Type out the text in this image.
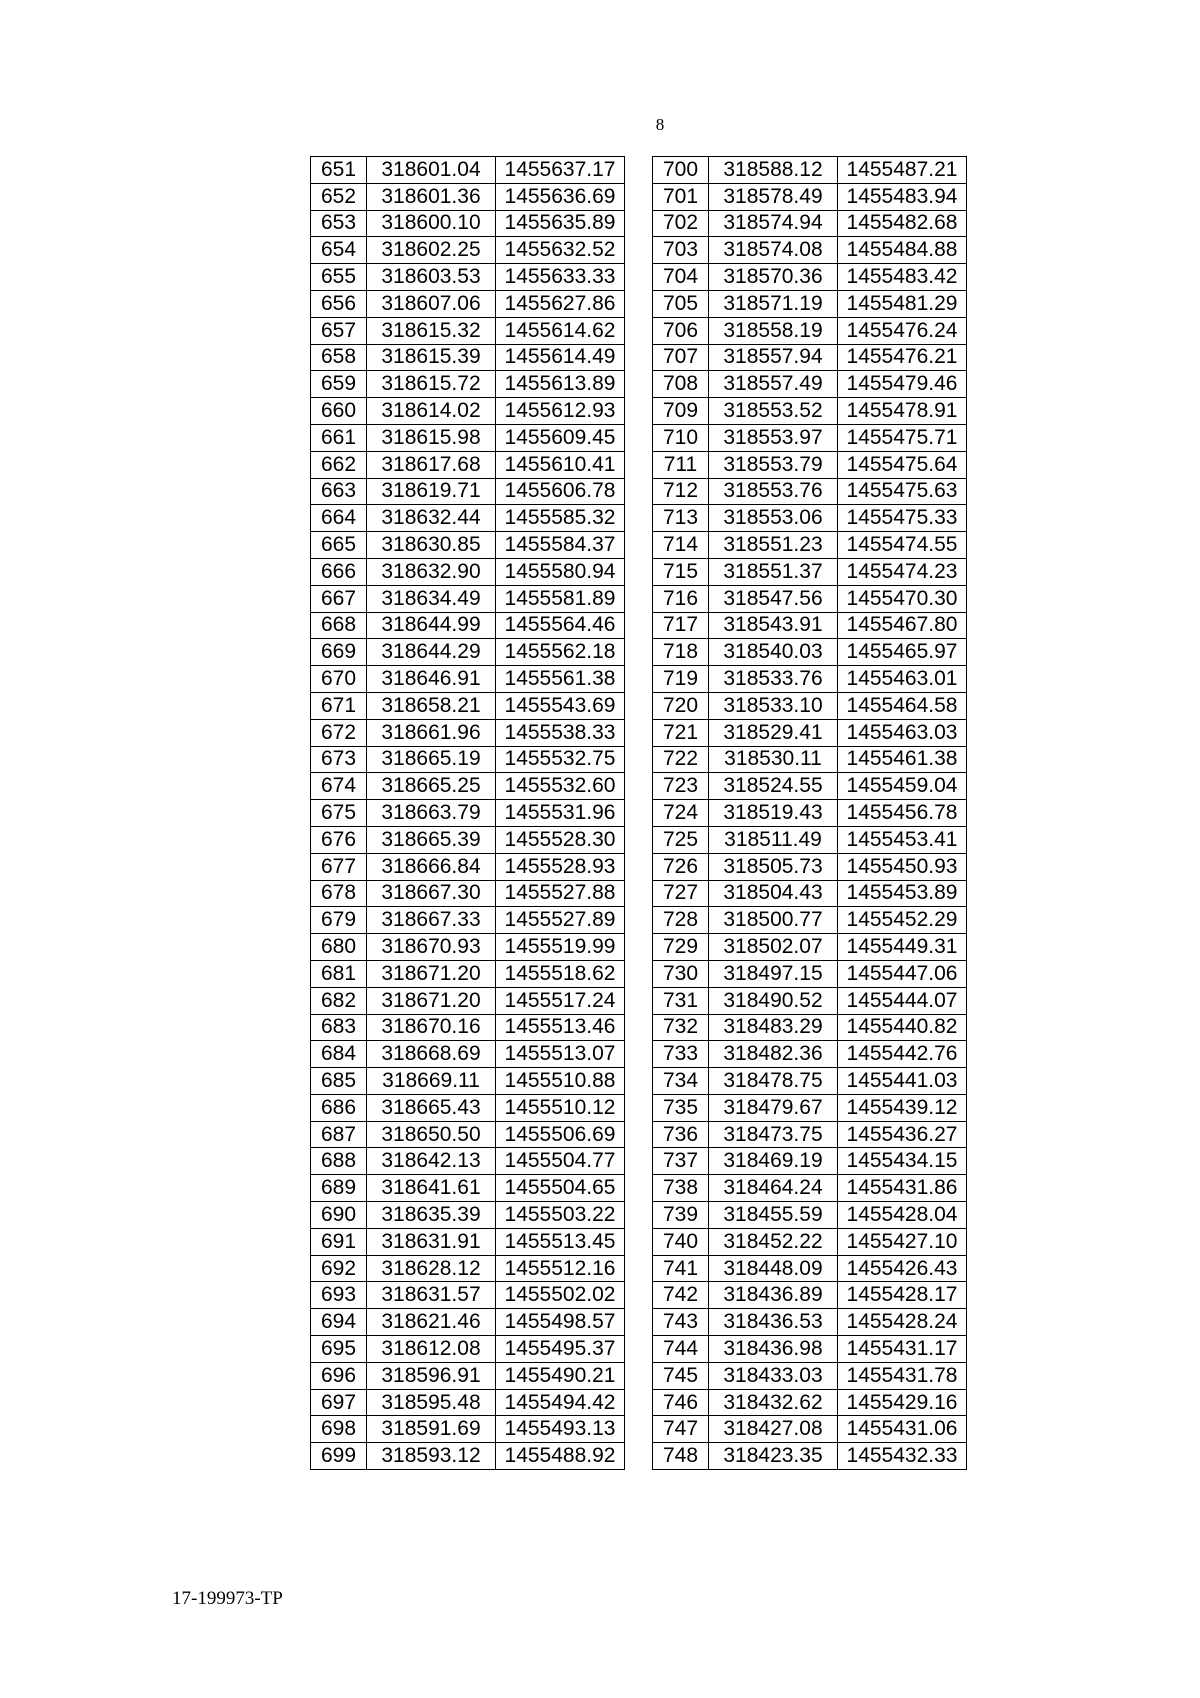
8
651	318601.04	1455637.17
652	318601.36	1455636.69
653	318600.10	1455635.89
654	318602.25	1455632.52
655	318603.53	1455633.33
656	318607.06	1455627.86
657	318615.32	1455614.62
658	318615.39	1455614.49
659	318615.72	1455613.89
660	318614.02	1455612.93
661	318615.98	1455609.45
662	318617.68	1455610.41
663	318619.71	1455606.78
664	318632.44	1455585.32
665	318630.85	1455584.37
666	318632.90	1455580.94
667	318634.49	1455581.89
668	318644.99	1455564.46
669	318644.29	1455562.18
670	318646.91	1455561.38
671	318658.21	1455543.69
672	318661.96	1455538.33
673	318665.19	1455532.75
674	318665.25	1455532.60
675	318663.79	1455531.96
676	318665.39	1455528.30
677	318666.84	1455528.93
678	318667.30	1455527.88
679	318667.33	1455527.89
680	318670.93	1455519.99
681	318671.20	1455518.62
682	318671.20	1455517.24
683	318670.16	1455513.46
684	318668.69	1455513.07
685	318669.11	1455510.88
686	318665.43	1455510.12
687	318650.50	1455506.69
688	318642.13	1455504.77
689	318641.61	1455504.65
690	318635.39	1455503.22
691	318631.91	1455513.45
692	318628.12	1455512.16
693	318631.57	1455502.02
694	318621.46	1455498.57
695	318612.08	1455495.37
696	318596.91	1455490.21
697	318595.48	1455494.42
698	318591.69	1455493.13
699	318593.12	1455488.92
700	318588.12	1455487.21
701	318578.49	1455483.94
702	318574.94	1455482.68
703	318574.08	1455484.88
704	318570.36	1455483.42
705	318571.19	1455481.29
706	318558.19	1455476.24
707	318557.94	1455476.21
708	318557.49	1455479.46
709	318553.52	1455478.91
710	318553.97	1455475.71
711	318553.79	1455475.64
712	318553.76	1455475.63
713	318553.06	1455475.33
714	318551.23	1455474.55
715	318551.37	1455474.23
716	318547.56	1455470.30
717	318543.91	1455467.80
718	318540.03	1455465.97
719	318533.76	1455463.01
720	318533.10	1455464.58
721	318529.41	1455463.03
722	318530.11	1455461.38
723	318524.55	1455459.04
724	318519.43	1455456.78
725	318511.49	1455453.41
726	318505.73	1455450.93
727	318504.43	1455453.89
728	318500.77	1455452.29
729	318502.07	1455449.31
730	318497.15	1455447.06
731	318490.52	1455444.07
732	318483.29	1455440.82
733	318482.36	1455442.76
734	318478.75	1455441.03
735	318479.67	1455439.12
736	318473.75	1455436.27
737	318469.19	1455434.15
738	318464.24	1455431.86
739	318455.59	1455428.04
740	318452.22	1455427.10
741	318448.09	1455426.43
742	318436.89	1455428.17
743	318436.53	1455428.24
744	318436.98	1455431.17
745	318433.03	1455431.78
746	318432.62	1455429.16
747	318427.08	1455431.06
748	318423.35	1455432.33
17-199973-TP
